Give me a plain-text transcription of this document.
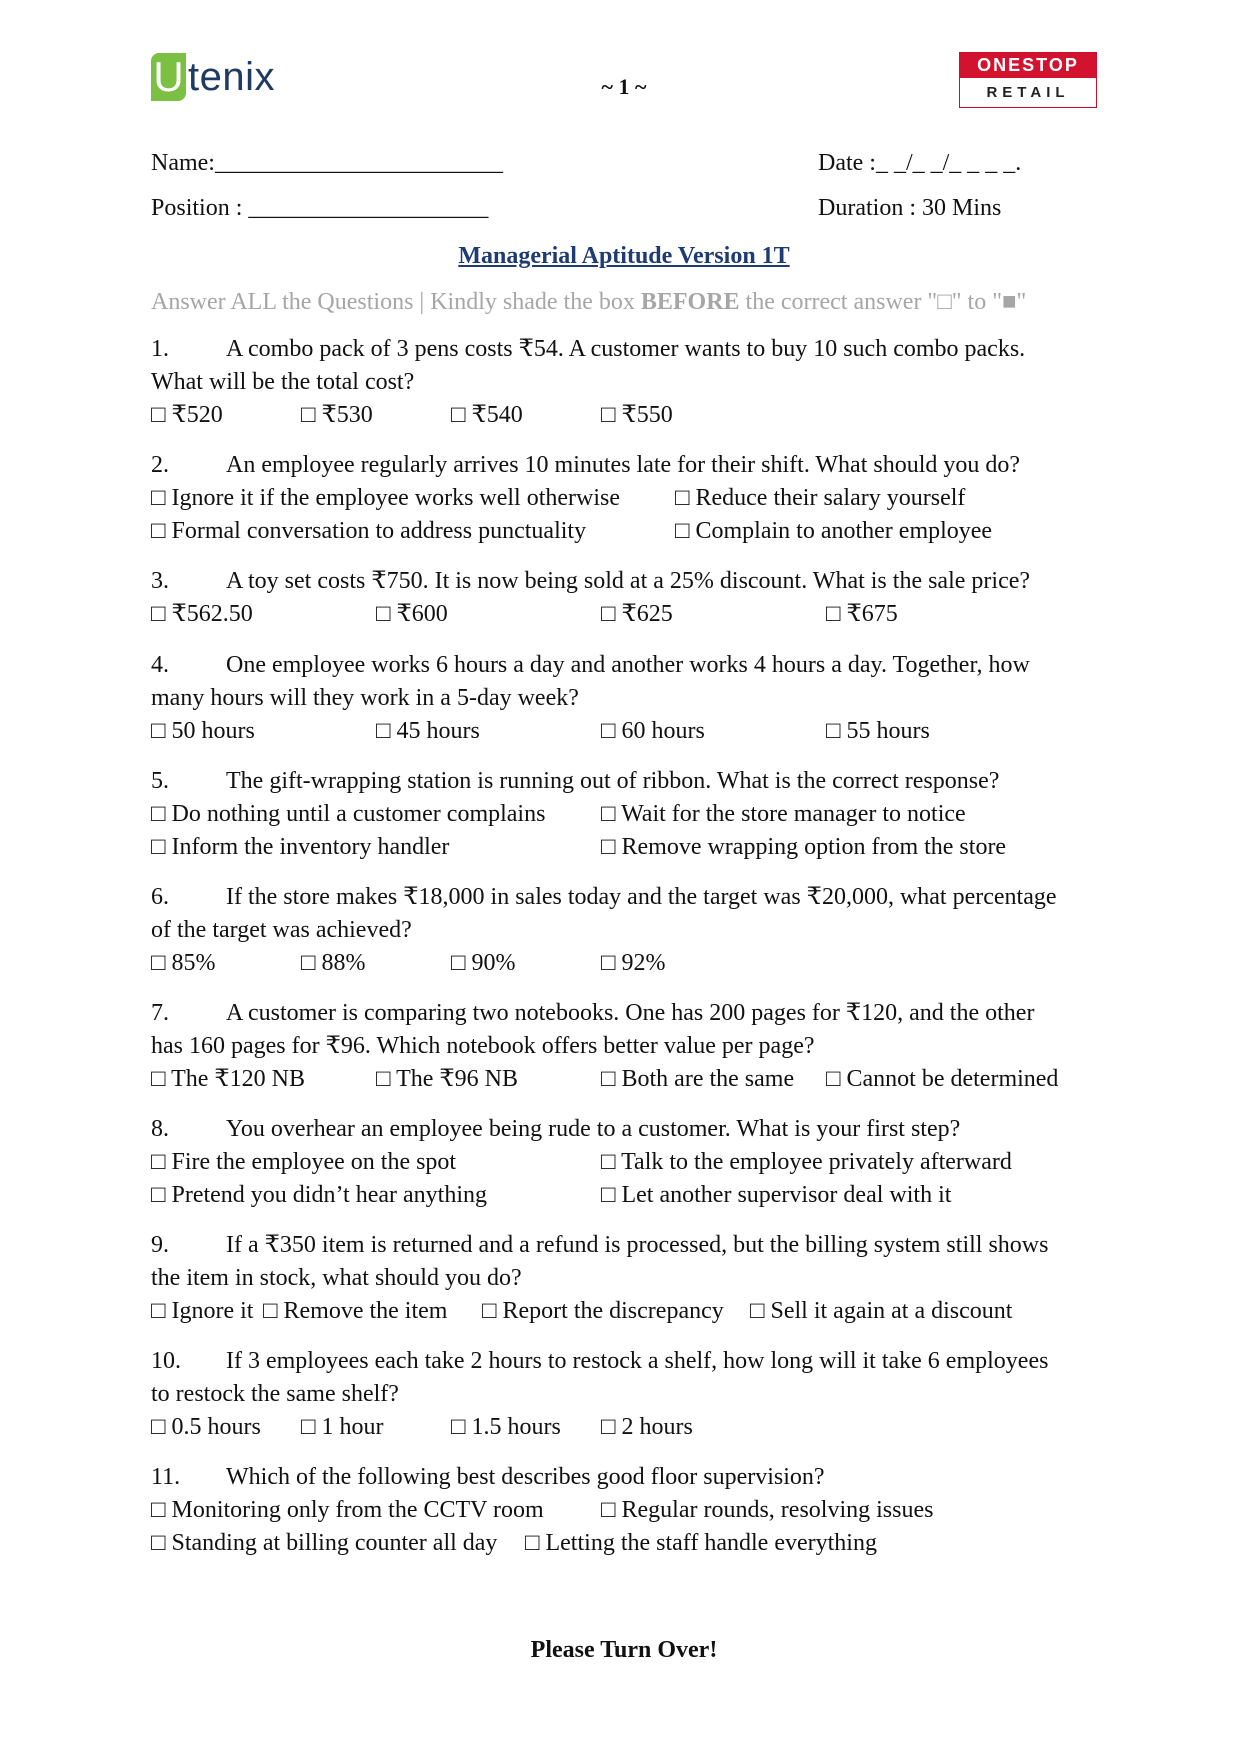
U tenix	~ 1 ~
ONESTOP
RETAIL
Name:________________________	Date :_ _/_ _/_ _ _ _.
Position : ____________________	Duration : 30 Mins
Managerial Aptitude Version 1T
Answer ALL the Questions | Kindly shade the box BEFORE the correct answer "□" to "■"
1. A combo pack of 3 pens costs ₹54. A customer wants to buy 10 such combo packs.
What will be the total cost?
□ ₹520	□ ₹530	□ ₹540	□ ₹550
2. An employee regularly arrives 10 minutes late for their shift. What should you do?
□ Ignore it if the employee works well otherwise □ Reduce their salary yourself
□ Formal conversation to address punctuality	□ Complain to another employee
3. A toy set costs ₹750. It is now being sold at a 25% discount. What is the sale price?
□ ₹562.50	□ ₹600	□ ₹625	□ ₹675
4. One employee works 6 hours a day and another works 4 hours a day. Together, how
many hours will they work in a 5-day week?
□ 50 hours	□ 45 hours	□ 60 hours	□ 55 hours
5. The gift-wrapping station is running out of ribbon. What is the correct response?
□ Do nothing until a customer complains □ Wait for the store manager to notice
□ Inform the inventory handler	□ Remove wrapping option from the store
6. If the store makes ₹18,000 in sales today and the target was ₹20,000, what percentage
of the target was achieved?
□ 85%	□ 88%	□ 90%	□ 92%
7. A customer is comparing two notebooks. One has 200 pages for ₹120, and the other
has 160 pages for ₹96. Which notebook offers better value per page?
□ The ₹120 NB	□ The ₹96 NB	□ Both are the same □ Cannot be determined
8. You overhear an employee being rude to a customer. What is your first step?
□ Fire the employee on the spot	□ Talk to the employee privately afterward
□ Pretend you didn’t hear anything	□ Let another supervisor deal with it
9. If a ₹350 item is returned and a refund is processed, but the billing system still shows
the item in stock, what should you do?
□ Ignore it □ Remove the item □ Report the discrepancy □ Sell it again at a discount
10. If 3 employees each take 2 hours to restock a shelf, how long will it take 6 employees
to restock the same shelf?
□ 0.5 hours □ 1 hour	□ 1.5 hours □ 2 hours
11. Which of the following best describes good floor supervision?
□ Monitoring only from the CCTV room □ Regular rounds, resolving issues
□ Standing at billing counter all day □ Letting the staff handle everything
Please Turn Over!
